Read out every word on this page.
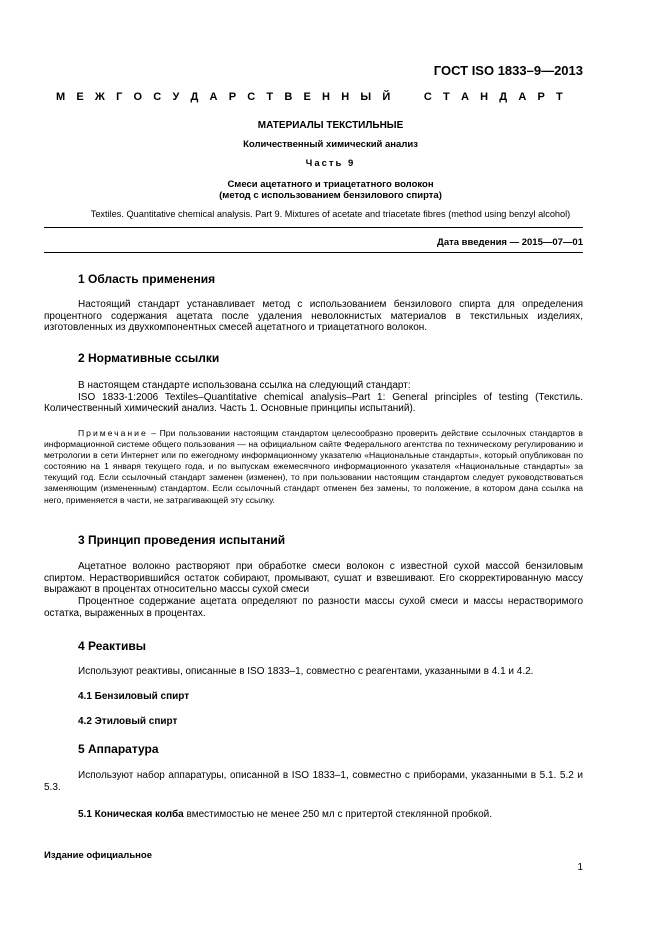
ГОСТ ISO 1833–9—2013
М Е Ж Г О С У Д А Р С Т В Е Н Н Ы Й	С Т А Н Д А Р Т
МАТЕРИАЛЫ ТЕКСТИЛЬНЫЕ
Количественный химический анализ
Часть 9
Смеси ацетатного и триацетатного волокон
(метод с использованием бензилового спирта)
Textiles. Quantitative chemical analysis. Part 9. Mixtures of acetate and triacetate fibres (method using benzyl alcohol)
Дата введения — 2015—07—01
1 Область применения

Настоящий стандарт устанавливает метод с использованием бензилового спирта для определения процентного содержания ацетата после удаления неволокнистых материалов в текстильных изделиях, изготовленных из двухкомпонентных смесей ацетатного и триацетатного волокон.

2 Нормативные ссылки

В настоящем стандарте использована ссылка на следующий стандарт:

ISO 1833-1:2006 Textiles–Quantitative chemical analysis–Part 1: General principles of testing (Текстиль. Количественный химический анализ. Часть 1. Основные принципы испытаний).

Примечание – При пользовании настоящим стандартом целесообразно проверить действие ссылочных стандартов в информационной системе общего пользования — на официальном сайте Федерального агентства по техническому регулированию и метрологии в сети Интернет или по ежегодному информационному указателю «Национальные стандарты», который опубликован по состоянию на 1 января текущего года, и по выпускам ежемесячного информационного указателя «Национальные стандарты» за текущий год. Если ссылочный стандарт заменен (изменен), то при пользовании настоящим стандартом следует руководствоваться заменяющим (измененным) стандартом. Если ссылочный стандарт отменен без замены, то положение, в котором дана ссылка на него, применяется в части, не затрагивающей эту ссылку.

3 Принцип проведения испытаний

Ацетатное волокно растворяют при обработке смеси волокон с известной сухой массой бензиловым спиртом. Нерастворившийся остаток собирают, промывают, сушат и взвешивают. Его скорректированную массу выражают в процентах относительно массы сухой смеси

Процентное содержание ацетата определяют по разности массы сухой смеси и массы нерастворимого остатка, выраженных в процентах.

4 Реактивы

Используют реактивы, описанные в ISO 1833–1, совместно с реагентами, указанными в 4.1 и 4.2.

4.1 Бензиловый спирт
4.2 Этиловый спирт
5 Аппаратура

Используют набор аппаратуры, описанной в ISO 1833–1, совместно с приборами, указанными в 5.1. 5.2 и 5.3.

5.1 Коническая колба вместимостью не менее 250 мл с притертой стеклянной пробкой.

Издание официальное
1
